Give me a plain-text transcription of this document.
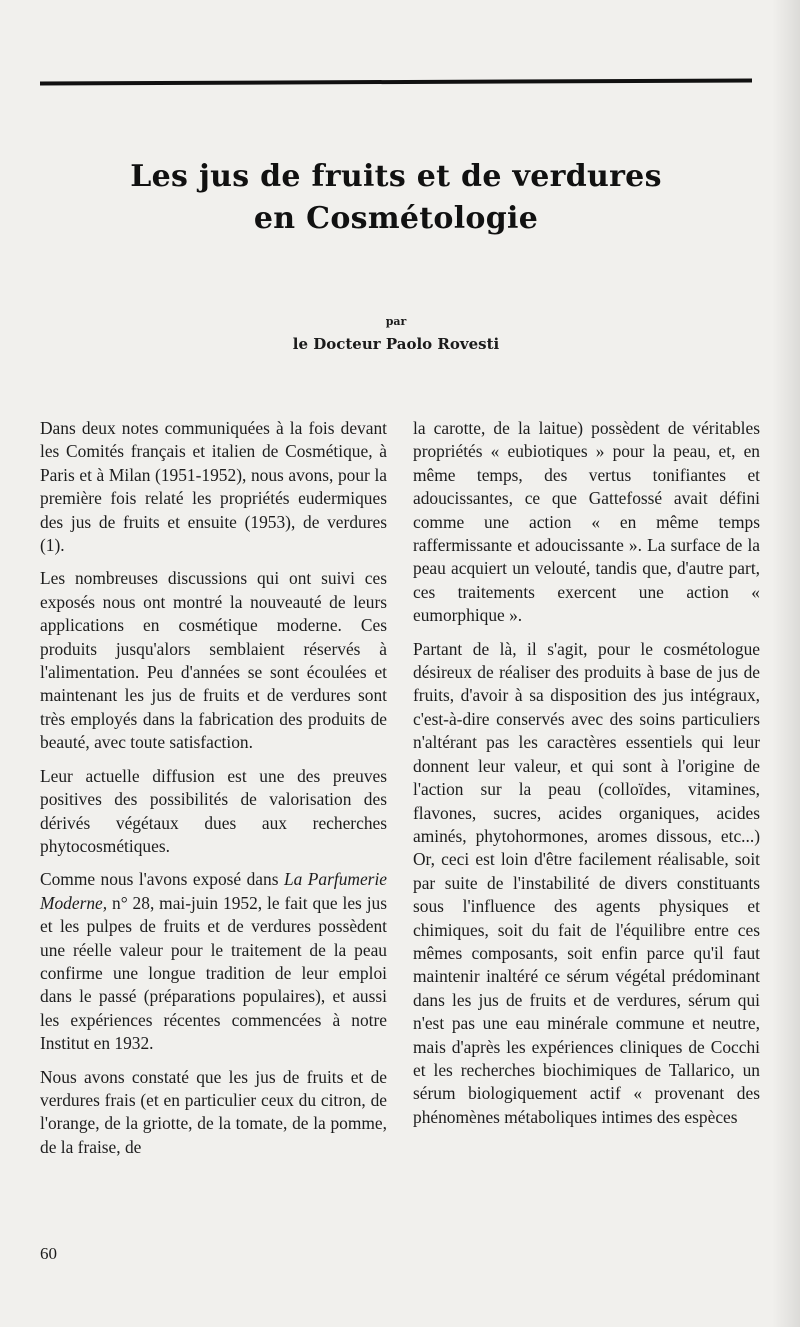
Les jus de fruits et de verdures
en Cosmétologie
par
le Docteur Paolo Rovesti

Dans deux notes communiquées à la fois devant les Comités français et italien de Cosmétique, à Paris et à Milan (1951-1952), nous avons, pour la première fois relaté les propriétés eudermiques des jus de fruits et ensuite (1953), de verdures (1).

Les nombreuses discussions qui ont suivi ces exposés nous ont montré la nouveauté de leurs applications en cosmétique moderne. Ces produits jusqu'alors semblaient réservés à l'alimentation. Peu d'années se sont écoulées et maintenant les jus de fruits et de verdures sont très employés dans la fabrication des produits de beauté, avec toute satisfaction.

Leur actuelle diffusion est une des preuves positives des possibilités de valorisation des dérivés végétaux dues aux recherches phytocosmétiques.

Comme nous l'avons exposé dans La Parfumerie Moderne, n° 28, mai-juin 1952, le fait que les jus et les pulpes de fruits et de verdures possèdent une réelle valeur pour le traitement de la peau confirme une longue tradition de leur emploi dans le passé (préparations populaires), et aussi les expériences récentes commencées à notre Institut en 1932.

Nous avons constaté que les jus de fruits et de verdures frais (et en particulier ceux du citron, de l'orange, de la griotte, de la tomate, de la pomme, de la fraise, de

la carotte, de la laitue) possèdent de véritables propriétés « eubiotiques » pour la peau, et, en même temps, des vertus tonifiantes et adoucissantes, ce que Gattefossé avait défini comme une action « en même temps raffermissante et adoucissante ». La surface de la peau acquiert un velouté, tandis que, d'autre part, ces traitements exercent une action « eumorphique ».

Partant de là, il s'agit, pour le cosmétologue désireux de réaliser des produits à base de jus de fruits, d'avoir à sa disposition des jus intégraux, c'est-à-dire conservés avec des soins particuliers n'altérant pas les caractères essentiels qui leur donnent leur valeur, et qui sont à l'origine de l'action sur la peau (colloïdes, vitamines, flavones, sucres, acides organiques, acides aminés, phytohormones, aromes dissous, etc...) Or, ceci est loin d'être facilement réalisable, soit par suite de l'instabilité de divers constituants sous l'influence des agents physiques et chimiques, soit du fait de l'équilibre entre ces mêmes composants, soit enfin parce qu'il faut maintenir inaltéré ce sérum végétal prédominant dans les jus de fruits et de verdures, sérum qui n'est pas une eau minérale commune et neutre, mais d'après les expériences cliniques de Cocchi et les recherches biochimiques de Tallarico, un sérum biologiquement actif « provenant des phénomènes métaboliques intimes des espèces

60
